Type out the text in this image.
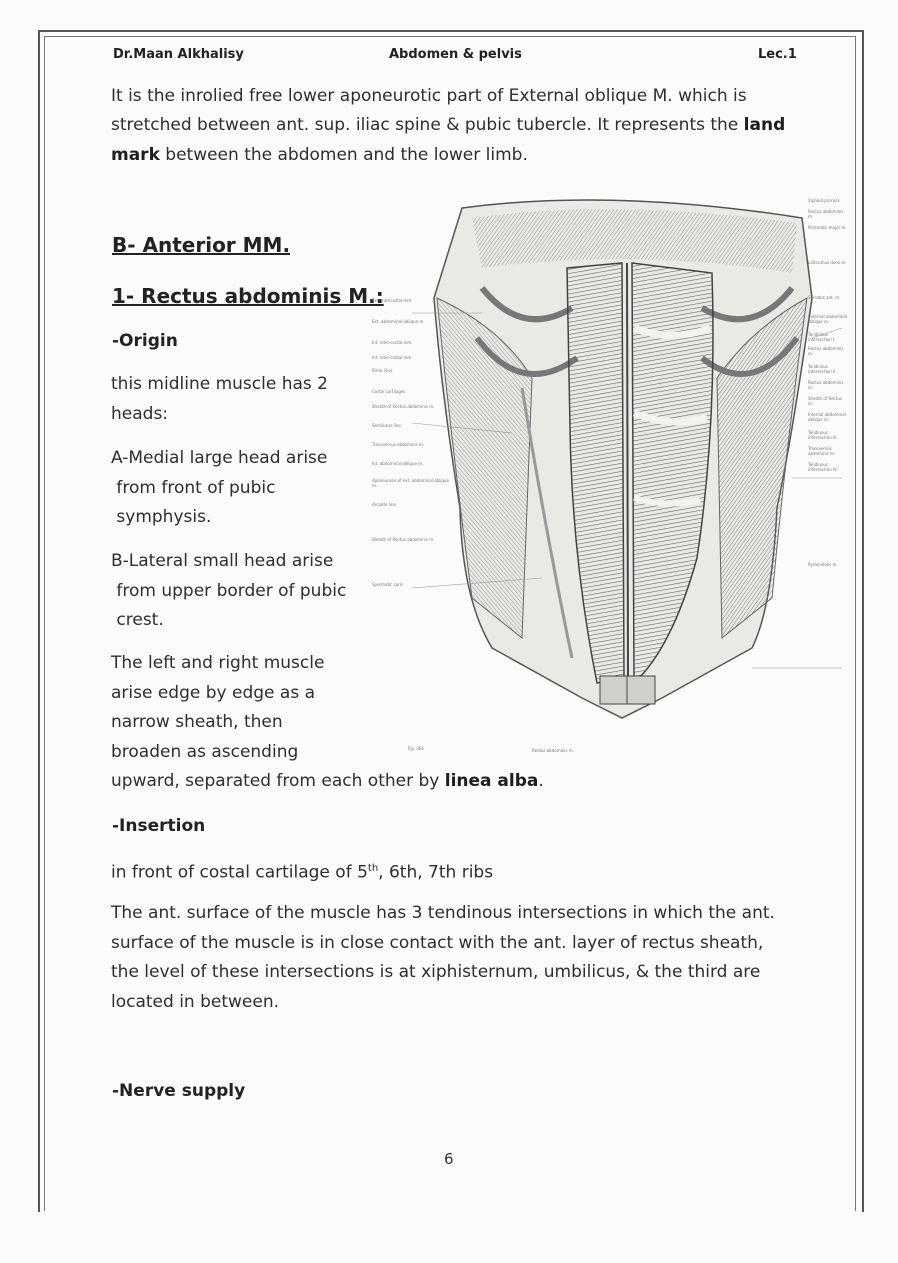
Dr.Maan Alkhalisy	Abdomen & pelvis	Lec.1

It is the inrolied free lower aponeurotic part of External oblique M. which is

stretched between ant. sup. iliac spine & pubic tubercle. It represents the land

mark between the abdomen and the lower limb.

B- Anterior MM.
1- Rectus abdominis M.:
-Origin

this midline muscle has 2
heads:

A-Medial large head arise
from front of pubic
symphysis.

B-Lateral small head arise
from upper border of pubic
crest.

The left and right muscle
arise edge by edge as a
narrow sheath, then
broaden as ascending
upward, separated from each other by linea alba.

-Insertion

in front of costal cartilage of 5th, 6th, 7th ribs

The ant. surface of the muscle has 3 tendinous intersections in which the ant.
surface of the muscle is in close contact with the ant. layer of rectus sheath,
the level of these intersections is at xiphisternum, umbilicus, & the third are
located in between.

-Nerve supply
6
Fig. 364
Ext. intercostal mm.
Ext. abdominal oblique m.
Int. inter-costal mm.
Int. inter-costal mm.
Rima (ilio)
Costal cartilages
Sheath of Rectus abdominis m.
Semilunar line
Transversus abdominis m.
Int. abdominal oblique m.
Aponeurosis of ext. abdominal oblique m.
Arcuate line
Sheath of Rectus abdominis m.
Spermatic cord
Xiphoid process
Rectus abdominis m.
Pectoralis major m.
Latissimus dorsi m.
Serratus ant. m.
External abdominal oblique m.
Tendinous intersection I.
Rectus abdominis m.
Tendinous intersection II.
Rectus abdominis m.
Sheath of Rectus m.
Internal abdominal oblique m.
Tendinous intersection III.
Transversus abdominis m.
Tendinous intersection IV.
Pyramidalis m.
Rectus abdominis m.
